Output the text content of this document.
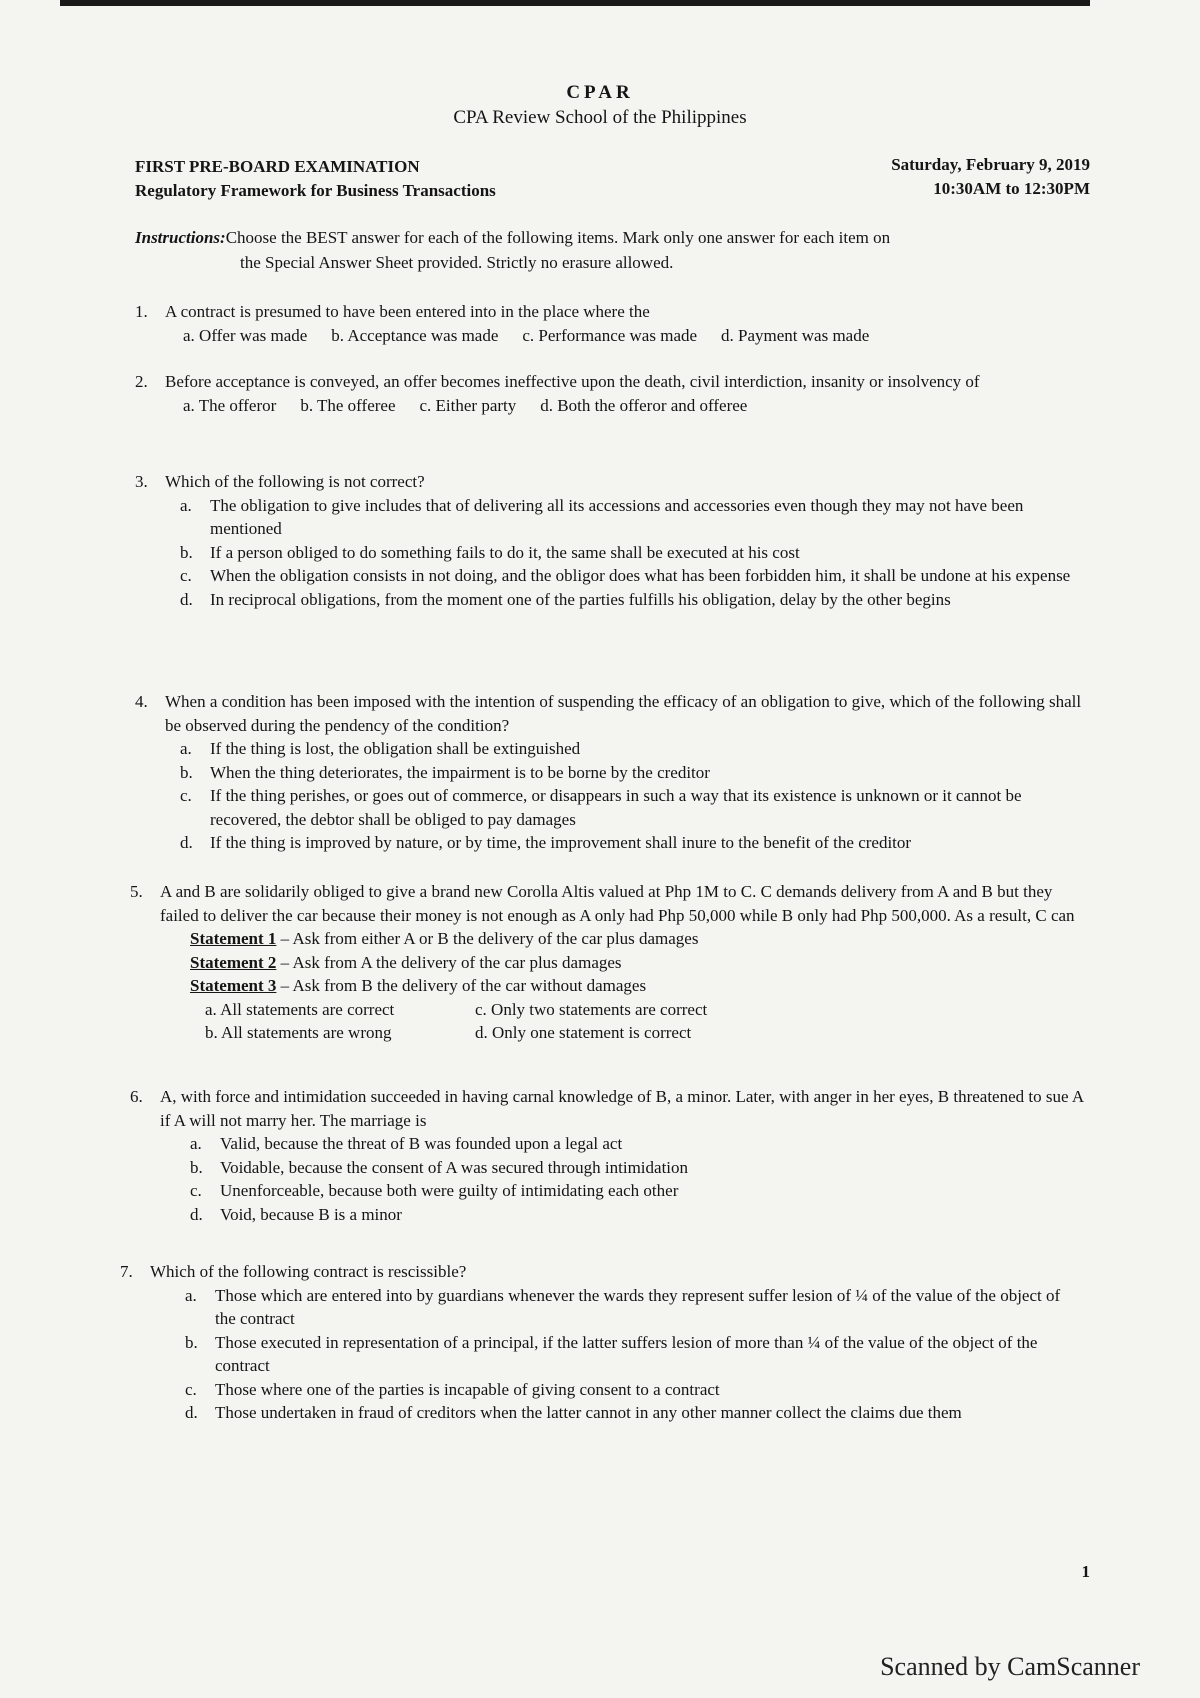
CPAR
CPA Review School of the Philippines
FIRST PRE-BOARD EXAMINATION
Regulatory Framework for Business Transactions
Saturday, February 9, 2019
10:30AM to 12:30PM
Instructions:Choose the BEST answer for each of the following items. Mark only one answer for each item on
the Special Answer Sheet provided. Strictly no erasure allowed.
1. A contract is presumed to have been entered into in the place where the
a. Offer was made b. Acceptance was made c. Performance was made d. Payment was made
2. Before acceptance is conveyed, an offer becomes ineffective upon the death, civil interdiction, insanity or insolvency of
a. The offeror b. The offeree c. Either party d. Both the offeror and offeree
3. Which of the following is not correct?
a.	The obligation to give includes that of delivering all its accessions and accessories even though they may not have been mentioned
b.	If a person obliged to do something fails to do it, the same shall be executed at his cost
c.	When the obligation consists in not doing, and the obligor does what has been forbidden him, it shall be undone at his expense
d.	In reciprocal obligations, from the moment one of the parties fulfills his obligation, delay by the other begins
4. When a condition has been imposed with the intention of suspending the efficacy of an obligation to give, which of the following shall be observed during the pendency of the condition?
a.	If the thing is lost, the obligation shall be extinguished
b.	When the thing deteriorates, the impairment is to be borne by the creditor
c.	If the thing perishes, or goes out of commerce, or disappears in such a way that its existence is unknown or it cannot be recovered, the debtor shall be obliged to pay damages
d.	If the thing is improved by nature, or by time, the improvement shall inure to the benefit of the creditor
5. A and B are solidarily obliged to give a brand new Corolla Altis valued at Php 1M to C. C demands delivery from A and B but they failed to deliver the car because their money is not enough as A only had Php 50,000 while B only had Php 500,000. As a result, C can
Statement 1 – Ask from either A or B the delivery of the car plus damages
Statement 2 – Ask from A the delivery of the car plus damages
Statement 3 – Ask from B the delivery of the car without damages
a. All statements are correct	c. Only two statements are correct
b. All statements are wrong	d. Only one statement is correct
6. A, with force and intimidation succeeded in having carnal knowledge of B, a minor. Later, with anger in her eyes, B threatened to sue A if A will not marry her. The marriage is
a.	Valid, because the threat of B was founded upon a legal act
b.	Voidable, because the consent of A was secured through intimidation
c.	Unenforceable, because both were guilty of intimidating each other
d.	Void, because B is a minor
7. Which of the following contract is rescissible?
a.	Those which are entered into by guardians whenever the wards they represent suffer lesion of ¼ of the value of the object of the contract
b.	Those executed in representation of a principal, if the latter suffers lesion of more than ¼ of the value of the object of the contract
c.	Those where one of the parties is incapable of giving consent to a contract
d.	Those undertaken in fraud of creditors when the latter cannot in any other manner collect the claims due them
1
Scanned by CamScanner
